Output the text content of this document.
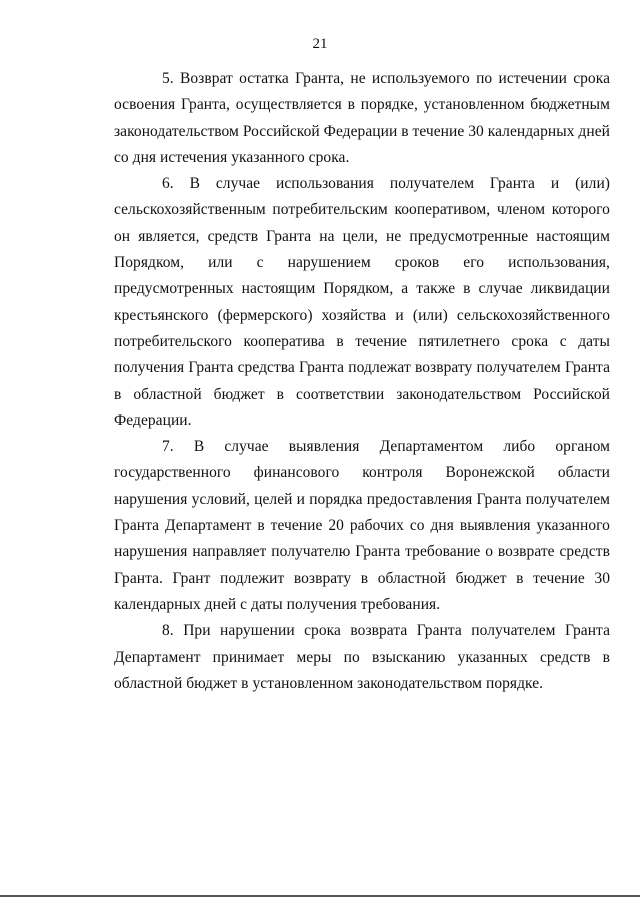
21

5. Возврат остатка Гранта, не используемого по истечении срока освоения Гранта, осуществляется в порядке, установленном бюджетным законодательством Российской Федерации в течение 30 календарных дней со дня истечения указанного срока.

6. В случае использования получателем Гранта и (или) сельскохозяйственным потребительским кооперативом, членом которого он является, средств Гранта на цели, не предусмотренные настоящим Порядком, или с нарушением сроков его использования, предусмотренных настоящим Порядком, а также в случае ликвидации крестьянского (фермерского) хозяйства и (или) сельскохозяйственного потребительского кооператива в течение пятилетнего срока с даты получения Гранта средства Гранта подлежат возврату получателем Гранта в областной бюджет в соответствии законодательством Российской Федерации.

7. В случае выявления Департаментом либо органом государственного финансового контроля Воронежской области нарушения условий, целей и порядка предоставления Гранта получателем Гранта Департамент в течение 20 рабочих со дня выявления указанного нарушения направляет получателю Гранта требование о возврате средств Гранта. Грант подлежит возврату в областной бюджет в течение 30 календарных дней с даты получения требования.

8. При нарушении срока возврата Гранта получателем Гранта Департамент принимает меры по взысканию указанных средств в областной бюджет в установленном законодательством порядке.
